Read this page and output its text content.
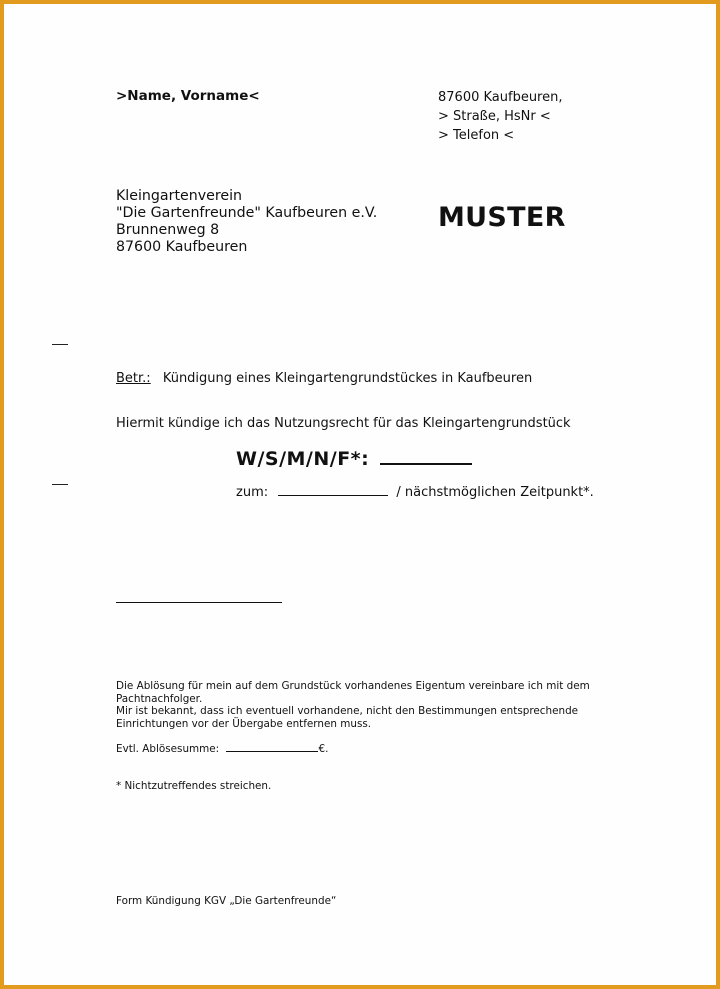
>Name, Vorname<	87600 Kaufbeuren,
> Straße, HsNr <
> Telefon <
Kleingartenverein
"Die Gartenfreunde" Kaufbeuren e.V.
Brunnenweg 8
87600 Kaufbeuren
MUSTER
Betr.: Kündigung eines Kleingartengrundstückes in Kaufbeuren
Hiermit kündige ich das Nutzungsrecht für das Kleingartengrundstück
W/S/M/N/F*:
zum:	/ nächstmöglichen Zeitpunkt*.
Die Ablösung für mein auf dem Grundstück vorhandenes Eigentum vereinbare ich mit dem
Pachtnachfolger.
Mir ist bekannt, dass ich eventuell vorhandene, nicht den Bestimmungen entsprechende
Einrichtungen vor der Übergabe entfernen muss.
Evtl. Ablösesumme:	€.
* Nichtzutreffendes streichen.
Form Kündigung KGV „Die Gartenfreunde“
